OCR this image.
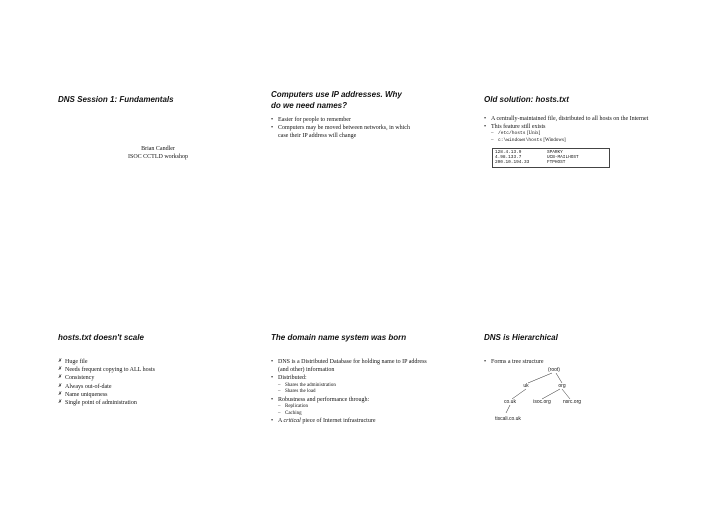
DNS Session 1: Fundamentals

Brian Candler
ISOC CCTLD workshop

Computers use IP addresses. Why
do we need names?

• Easier for people to remember
• Computers may be moved between networks, in which case their IP address will change

Old solution: hosts.txt

• A centrally-maintained file, distributed to all hosts on the Internet
• This feature still exists
– /etc/hosts [Unix]
– c:\windows\hosts [Windows]
128.4.13.9	SPARKY
4.98.133.7	UCB-MAILHOST
200.10.194.33	FTPHOST

hosts.txt doesn't scale

✗ Huge file
✗ Needs frequent copying to ALL hosts
✗ Consistency
✗ Always out-of-date
✗ Name uniqueness
✗ Single point of administration

The domain name system was born

• DNS is a Distributed Database for holding name to IP address (and other) information
• Distributed:
– Shares the administration
– Shares the load
• Robustness and performance through:
– Replication
– Caching
• A critical piece of Internet infrastructure

DNS is Hierarchical

• Forms a tree structure
(root)
uk	org
co.uk	isoc.org nsrc.org
tiscali.co.uk
